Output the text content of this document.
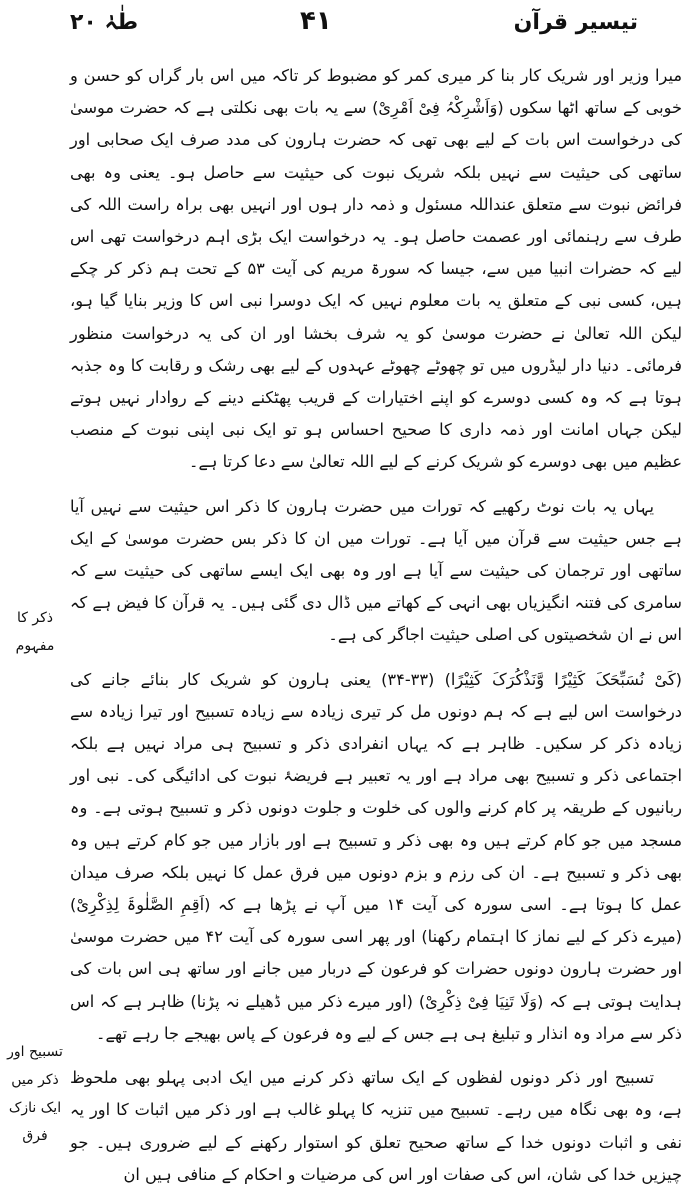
طٰہٰ ۲۰	۴۱	تیسیر قرآن

میرا وزیر اور شریک کار بنا کر میری کمر کو مضبوط کر تاکہ میں اس بار گراں کو حسن و خوبی کے ساتھ اٹھا سکوں (وَاَشْرِکْہُ فِیْ اَمْرِیْ) سے یہ بات بھی نکلتی ہے کہ حضرت موسیٰ کی درخواست اس بات کے لیے بھی تھی کہ حضرت ہارون کی مدد صرف ایک صحابی اور ساتھی کی حیثیت سے نہیں بلکہ شریک نبوت کی حیثیت سے حاصل ہو۔ یعنی وہ بھی فرائض نبوت سے متعلق عنداللہ مسئول و ذمہ دار ہوں اور انہیں بھی براہ راست اللہ کی طرف سے رہنمائی اور عصمت حاصل ہو۔ یہ درخواست ایک بڑی اہم درخواست تھی اس لیے کہ حضرات انبیا میں سے، جیسا کہ سورۃ مریم کی آیت ۵۳ کے تحت ہم ذکر کر چکے ہیں، کسی نبی کے متعلق یہ بات معلوم نہیں کہ ایک دوسرا نبی اس کا وزیر بنایا گیا ہو، لیکن اللہ تعالیٰ نے حضرت موسیٰ کو یہ شرف بخشا اور ان کی یہ درخواست منظور فرمائی۔ دنیا دار لیڈروں میں تو چھوٹے چھوٹے عہدوں کے لیے بھی رشک و رقابت کا وہ جذبہ ہوتا ہے کہ وہ کسی دوسرے کو اپنے اختیارات کے قریب پھٹکنے دینے کے روادار نہیں ہوتے لیکن جہاں امانت اور ذمہ داری کا صحیح احساس ہو تو ایک نبی اپنی نبوت کے منصب عظیم میں بھی دوسرے کو شریک کرنے کے لیے اللہ تعالیٰ سے دعا کرتا ہے۔

یہاں یہ بات نوٹ رکھیے کہ تورات میں حضرت ہارون کا ذکر اس حیثیت سے نہیں آیا ہے جس حیثیت سے قرآن میں آیا ہے۔ تورات میں ان کا ذکر بس حضرت موسیٰ کے ایک ساتھی اور ترجمان کی حیثیت سے آیا ہے اور وہ بھی ایک ایسے ساتھی کی حیثیت سے کہ سامری کی فتنہ انگیزیاں بھی انہی کے کھاتے میں ڈال دی گئی ہیں۔ یہ قرآن کا فیض ہے کہ اس نے ان شخصیتوں کی اصلی حیثیت اجاگر کی ہے۔

(کَیْ نُسَبِّحَکَ کَثِیْرًا وَّنَذْکُرَکَ کَثِیْرًا) (۳۳-۳۴) یعنی ہارون کو شریک کار بنائے جانے کی درخواست اس لیے ہے کہ ہم دونوں مل کر تیری زیادہ سے زیادہ تسبیح اور تیرا زیادہ سے زیادہ ذکر کر سکیں۔ ظاہر ہے کہ یہاں انفرادی ذکر و تسبیح ہی مراد نہیں ہے بلکہ اجتماعی ذکر و تسبیح بھی مراد ہے اور یہ تعبیر ہے فریضۂ نبوت کی ادائیگی کی۔ نبی اور ربانیوں کے طریقہ پر کام کرنے والوں کی خلوت و جلوت دونوں ذکر و تسبیح ہوتی ہے۔ وہ مسجد میں جو کام کرتے ہیں وہ بھی ذکر و تسبیح ہے اور بازار میں جو کام کرتے ہیں وہ بھی ذکر و تسبیح ہے۔ ان کی رزم و بزم دونوں میں فرق عمل کا نہیں بلکہ صرف میدان عمل کا ہوتا ہے۔ اسی سورہ کی آیت ۱۴ میں آپ نے پڑھا ہے کہ (اَقِمِ الصَّلٰوۃَ لِذِکْرِیْ) (میرے ذکر کے لیے نماز کا اہتمام رکھنا) اور پھر اسی سورہ کی آیت ۴۲ میں حضرت موسیٰ اور حضرت ہارون دونوں حضرات کو فرعون کے دربار میں جانے اور ساتھ ہی اس بات کی ہدایت ہوتی ہے کہ (وَلَا تَنِیَا فِیْ ذِکْرِیْ) (اور میرے ذکر میں ڈھیلے نہ پڑنا) ظاہر ہے کہ اس ذکر سے مراد وہ انذار و تبلیغ ہی ہے جس کے لیے وہ فرعون کے پاس بھیجے جا رہے تھے۔

تسبیح اور ذکر دونوں لفظوں کے ایک ساتھ ذکر کرنے میں ایک ادبی پہلو بھی ملحوظ ہے، وہ بھی نگاہ میں رہے۔ تسبیح میں تنزیہ کا پہلو غالب ہے اور ذکر میں اثبات کا اور یہ نفی و اثبات دونوں خدا کے ساتھ صحیح تعلق کو استوار رکھنے کے لیے ضروری ہیں۔ جو چیزیں خدا کی شان، اس کی صفات اور اس کی مرضیات و احکام کے منافی ہیں ان

ذکر کا مفہوم
تسبیح اور ذکر میں ایک نازک فرق
